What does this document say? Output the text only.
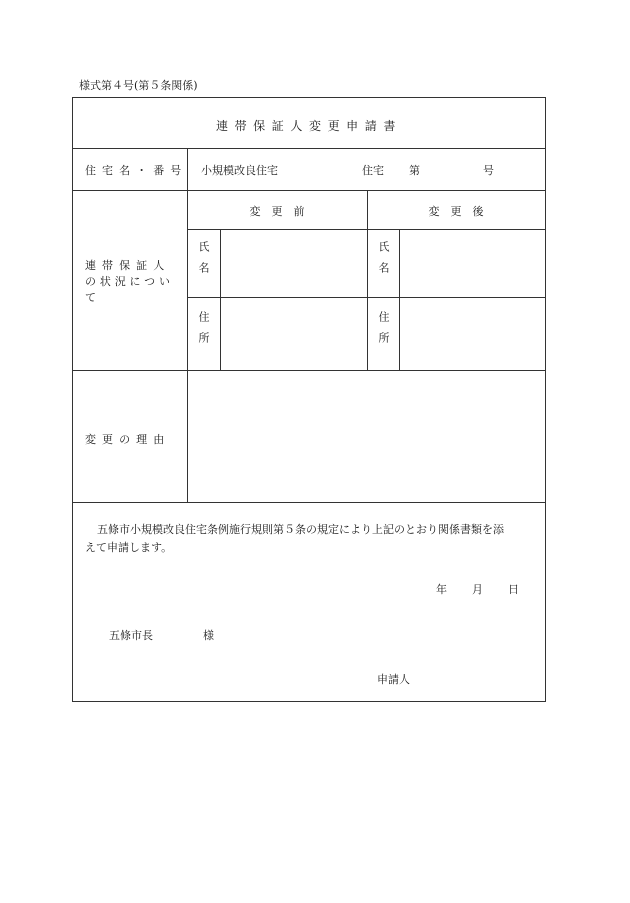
様式第４号(第５条関係)
連帯保証人変更申請書
住宅名・番号 小規模改良住宅	住宅 第	号
連帯保証人
の状況につい
て
変　更　前	変　更　後
氏名	氏名
住所	住所
変更の理由
五條市小規模改良住宅条例施行規則第５条の規定により上記のとおり関係書類を添
えて申請します。
年 月 日
五條市長	様
申請人
